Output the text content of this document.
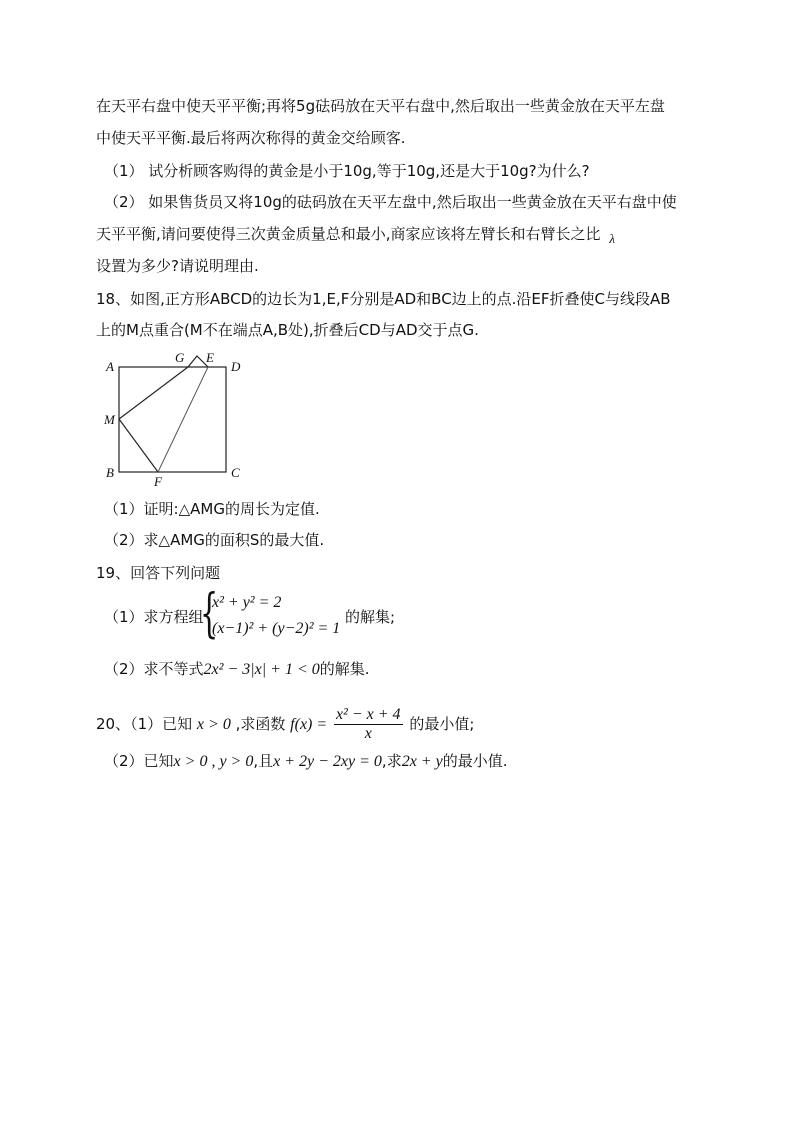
在天平右盘中使天平平衡;再将5g砝码放在天平右盘中,然后取出一些黄金放在天平左盘
中使天平平衡.最后将两次称得的黄金交给顾客.
（1） 试分析顾客购得的黄金是小于10g,等于10g,还是大于10g?为什么?
（2） 如果售货员又将10g的砝码放在天平左盘中,然后取出一些黄金放在天平右盘中使
天平平衡,请问要使得三次黄金质量总和最小,商家应该将左臂长和右臂长之比 λ
设置为多少?请说明理由.
18、如图,正方形ABCD的边长为1,E,F分别是AD和BC边上的点.沿EF折叠使C与线段AB
上的M点重合(M不在端点A,B处),折叠后CD与AD交于点G.
A
G E
D
M
B
F
C
（1）证明:△AMG的周长为定值.
（2）求△AMG的面积S的最大值.
19、回答下列问题
（1）求方程组
{
x² + y² = 2
(x−1)² + (y−2)² = 1
的解集;
（2）求不等式2x² − 3|x| + 1 < 0的解集.
20、（1）已知 x > 0 ,求函数 $f(x) = \frac{\text{x² − x + 4}}{x}$ 的最小值;
（2）已知x > 0 , y > 0,且x + 2y − 2xy = 0,求2x + y的最小值.
